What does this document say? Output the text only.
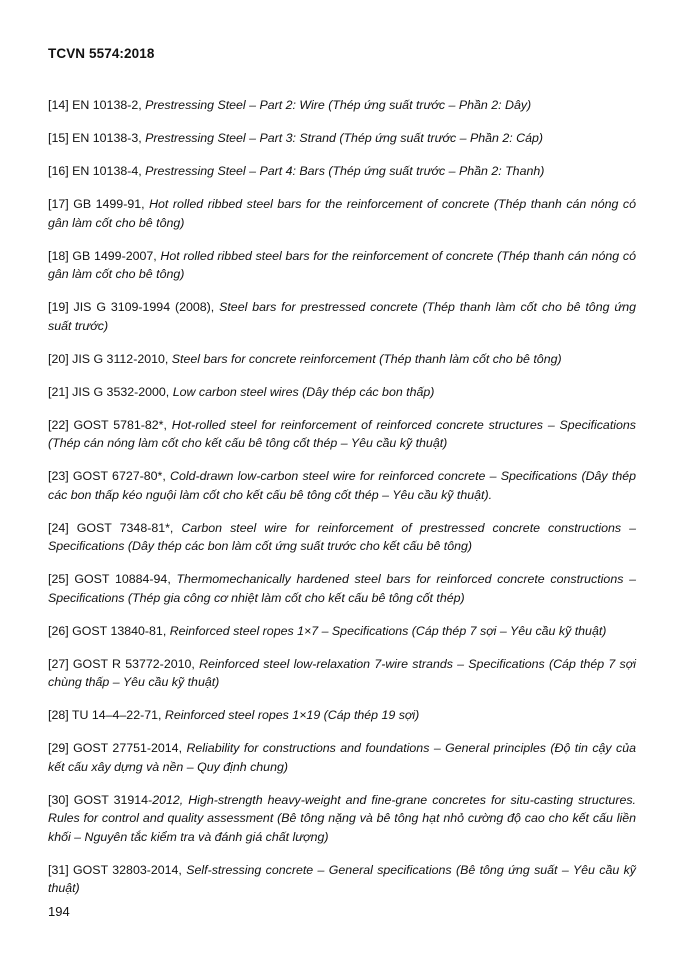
TCVN 5574:2018
[14] EN 10138-2, Prestressing Steel – Part 2: Wire (Thép ứng suất trước – Phần 2: Dây)
[15] EN 10138-3, Prestressing Steel – Part 3: Strand (Thép ứng suất trước – Phần 2: Cáp)
[16] EN 10138-4, Prestressing Steel – Part 4: Bars (Thép ứng suất trước – Phần 2: Thanh)
[17] GB 1499-91, Hot rolled ribbed steel bars for the reinforcement of concrete (Thép thanh cán nóng có gân làm cốt cho bê tông)
[18] GB 1499-2007, Hot rolled ribbed steel bars for the reinforcement of concrete (Thép thanh cán nóng có gân làm cốt cho bê tông)
[19] JIS G 3109-1994 (2008), Steel bars for prestressed concrete (Thép thanh làm cốt cho bê tông ứng suất trước)
[20] JIS G 3112-2010, Steel bars for concrete reinforcement (Thép thanh làm cốt cho bê tông)
[21] JIS G 3532-2000, Low carbon steel wires (Dây thép các bon thấp)
[22] GOST 5781-82*, Hot-rolled steel for reinforcement of reinforced concrete structures – Specifications (Thép cán nóng làm cốt cho kết cấu bê tông cốt thép – Yêu cầu kỹ thuật)
[23] GOST 6727-80*, Cold-drawn low-carbon steel wire for reinforced concrete – Specifications (Dây thép các bon thấp kéo nguội làm cốt cho kết cấu bê tông cốt thép – Yêu cầu kỹ thuật).
[24] GOST 7348-81*, Carbon steel wire for reinforcement of prestressed concrete constructions – Specifications (Dây thép các bon làm cốt ứng suất trước cho kết cấu bê tông)
[25] GOST 10884-94, Thermomechanically hardened steel bars for reinforced concrete constructions – Specifications (Thép gia công cơ nhiệt làm cốt cho kết cấu bê tông cốt thép)
[26] GOST 13840-81, Reinforced steel ropes 1×7 – Specifications (Cáp thép 7 sợi – Yêu cầu kỹ thuật)
[27] GOST R 53772-2010, Reinforced steel low-relaxation 7-wire strands – Specifications (Cáp thép 7 sợi chùng thấp – Yêu cầu kỹ thuật)
[28] TU 14–4–22-71, Reinforced steel ropes 1×19 (Cáp thép 19 sợi)
[29] GOST 27751-2014, Reliability for constructions and foundations – General principles (Độ tin cậy của kết cấu xây dựng và nền – Quy định chung)
[30] GOST 31914-2012, High-strength heavy-weight and fine-grane concretes for situ-casting structures. Rules for control and quality assessment (Bê tông nặng và bê tông hạt nhỏ cường độ cao cho kết cấu liền khối – Nguyên tắc kiểm tra và đánh giá chất lượng)
[31] GOST 32803-2014, Self-stressing concrete – General specifications (Bê tông ứng suất – Yêu cầu kỹ thuật)
194
